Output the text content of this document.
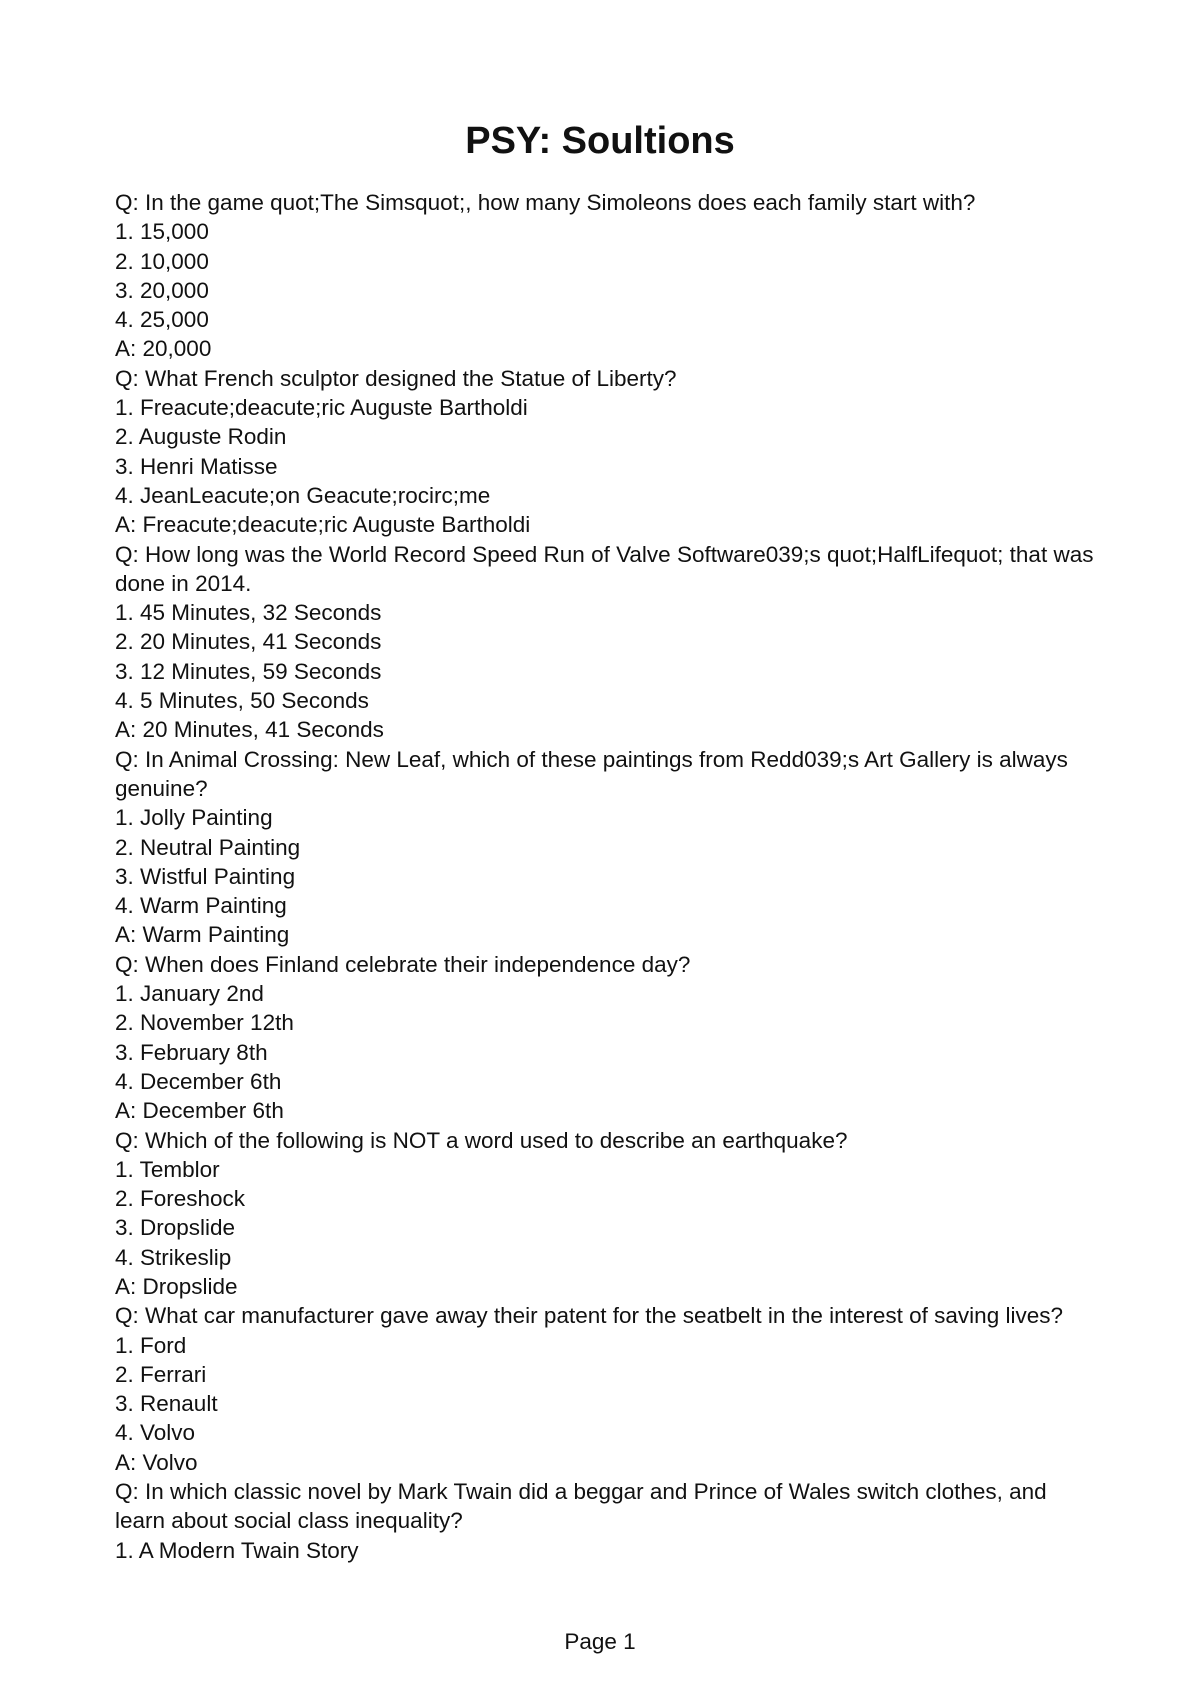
PSY: Soultions
Q: In the game quot;The Simsquot;, how many Simoleons does each family start with?
1. 15,000
2. 10,000
3. 20,000
4. 25,000
A: 20,000
Q: What French sculptor designed the Statue of Liberty?
1. Freacute;deacute;ric Auguste Bartholdi
2. Auguste Rodin
3. Henri Matisse
4. JeanLeacute;on Geacute;rocirc;me
A: Freacute;deacute;ric Auguste Bartholdi
Q: How long was the World Record Speed Run of Valve Software039;s quot;HalfLifequot; that was done in 2014.
1. 45 Minutes, 32 Seconds
2. 20 Minutes, 41 Seconds
3. 12 Minutes, 59 Seconds
4. 5 Minutes, 50 Seconds
A: 20 Minutes, 41 Seconds
Q: In Animal Crossing: New Leaf, which of these paintings from Redd039;s Art Gallery is always genuine?
1. Jolly Painting
2. Neutral Painting
3. Wistful Painting
4. Warm Painting
A: Warm Painting
Q: When does Finland celebrate their independence day?
1. January 2nd
2. November 12th
3. February 8th
4. December 6th
A: December 6th
Q: Which of the following is NOT a word used to describe an earthquake?
1. Temblor
2. Foreshock
3. Dropslide
4. Strikeslip
A: Dropslide
Q: What car manufacturer gave away their patent for the seatbelt in the interest of saving lives?
1. Ford
2. Ferrari
3. Renault
4. Volvo
A: Volvo
Q: In which classic novel by Mark Twain did a beggar and Prince of Wales switch clothes, and learn about social class inequality?
1. A Modern Twain Story
Page 1
